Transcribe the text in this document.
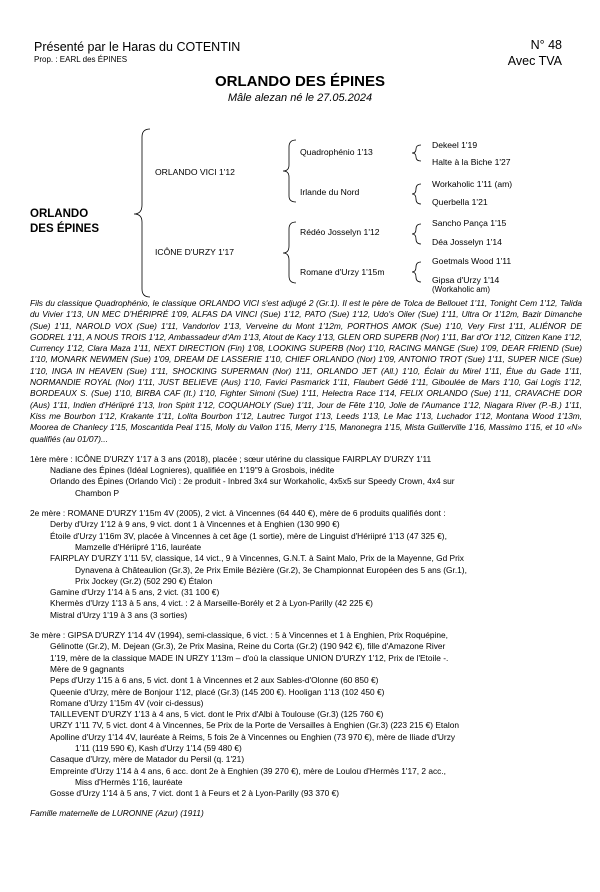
Présenté par le Haras du COTENTIN
Prop. : EARL des ÉPINES
N° 48
Avec TVA
ORLANDO DES ÉPINES
Mâle alezan né le 27.05.2024
ORLANDO
DES ÉPINES
ORLANDO VICI 1'12
ICÔNE D'URZY 1'17
Quadrophénio 1'13
Irlande du Nord
Rédéo Josselyn 1'12
Romane d'Urzy 1'15m
Dekeel 1'19
Halte à la Biche 1'27
Workaholic 1'11 (am)
Querbella 1'21
Sancho Pança 1'15
Déa Josselyn 1'14
Goetmals Wood 1'11
Gipsa d'Urzy 1'14
(Workaholic am)

Fils du classique Quadrophénio, le classique ORLANDO VICI s'est adjugé 2 (Gr.1). Il est le père de Tolca de Bellouet 1'11, Tonight Cem 1'12, Talida du Vivier 1'13, UN MEC D'HÉRIPRÉ 1'09, ALFAS DA VINCI (Sue) 1'12, PATO (Sue) 1'12, Udo's Oiler (Sue) 1'11, Ultra Or 1'12m, Bazir Dimanche (Sue) 1'11, NAROLD VOX (Sue) 1'11, Vandorlov 1'13, Verveine du Mont 1'12m, PORTHOS AMOK (Sue) 1'10, Very First 1'11, ALIÉNOR DE GODREL 1'11, A NOUS TROIS 1'12, Ambassadeur d'Am 1'13, Atout de Kacy 1'13, GLEN ORD SUPERB (Nor) 1'11, Bar d'Or 1'12, Citizen Kane 1'12, Currency 1'12, Clara Maza 1'11, NEXT DIRECTION (Fin) 1'08, LOOKING SUPERB (Nor) 1'10, RACING MANGE (Sue) 1'09, DEAR FRIEND (Sue) 1'10, MONARK NEWMEN (Sue) 1'09, DREAM DE LASSERIE 1'10, CHIEF ORLANDO (Nor) 1'09, ANTONIO TROT (Sue) 1'11, SUPER NICE (Sue) 1'10, INGA IN HEAVEN (Sue) 1'11, SHOCKING SUPERMAN (Nor) 1'11, ORLANDO JET (All.) 1'10, Éclair du Mirel 1'11, Élue du Gade 1'11, NORMANDIE ROYAL (Nor) 1'11, JUST BELIEVE (Aus) 1'10, Favici Pasmarick 1'11, Flaubert Gédé 1'11, Giboulée de Mars 1'10, Gai Logis 1'12, BORDEAUX S. (Sue) 1'10, BIRBA CAF (It.) 1'10, Fighter Simoni (Sue) 1'11, Helectra Race 1'14, FELIX ORLANDO (Sue) 1'11, CRAVACHE DOR (Aus) 1'11, Indien d'Hériipré 1'13, Iron Spirit 1'12, COQUAHOLY (Sue) 1'11, Jour de Fête 1'10, Jolie de l'Aumance 1'12, Niagara River (P.-B.) 1'11, Kiss me Bourbon 1'12, Krakante 1'11, Lolita Bourbon 1'12, Lautrec Turgot 1'13, Leeds 1'13, Le Mac 1'13, Luchador 1'12, Montana Wood 1'13m, Moorea de Chanlecy 1'15, Moscantida Peal 1'15, Molly du Vallon 1'15, Merry 1'15, Manonegra 1'15, Mista Guillerville 1'16, Massimo 1'15, et 10 «N» qualifiés (au 01/07)...

1ère mère : ICÔNE D'URZY 1'17 à 3 ans (2018), placée ; sœur utérine du classique FAIRPLAY D'URZY 1'11

Nadiane des Épines (Idéal Lognieres), qualifiée en 1'19"9 à Grosbois, inédite

Orlando des Épines (Orlando Vici) : 2e produit - Inbred 3x4 sur Workaholic, 4x5x5 sur Speedy Crown, 4x4 sur

Chambon P

2e mère : ROMANE D'URZY 1'15m 4V (2005), 2 vict. à Vincennes (64 440 €), mère de 6 produits qualifiés dont :

Derby d'Urzy 1'12 à 9 ans, 9 vict. dont 1 à Vincennes et à Enghien (130 990 €)

Étoile d'Urzy 1'16m 3V, placée à Vincennes à cet âge (1 sortie), mère de Linguist d'Hériipré 1'13 (47 325 €),

Mamzelle d'Hériipré 1'16, lauréate

FAIRPLAY D'URZY 1'11 5V, classique, 14 vict., 9 à Vincennes, G.N.T. à Saint Malo, Prix de la Mayenne, Gd Prix

Dynavena à Châteaulion (Gr.3), 2e Prix Emile Bézière (Gr.2), 3e Championnat Européen des 5 ans (Gr.1),

Prix Jockey (Gr.2) (502 290 €) Étalon

Gamine d'Urzy 1'14 à 5 ans, 2 vict. (31 100 €)

Khermès d'Urzy 1'13 à 5 ans, 4 vict. : 2 à Marseille-Borély et 2 à Lyon-Parilly (42 225 €)

Mistral d'Urzy 1'19 à 3 ans (3 sorties)

3e mère : GIPSA D'URZY 1'14 4V (1994), semi-classique, 6 vict. : 5 à Vincennes et 1 à Enghien, Prix Roquépine,

Gélinotte (Gr.2), M. Dejean (Gr.3), 2e Prix Masina, Reine du Corta (Gr.2) (190 942 €), fille d'Amazone River

1'19, mère de la classique MADE IN URZY 1'13m – d'où la classique UNION D'URZY 1'12, Prix de l'Etoile -.

Mère de 9 gagnants

Peps d'Urzy 1'15 à 6 ans, 5 vict. dont 1 à Vincennes et 2 aux Sables-d'Olonne (60 850 €)

Queenie d'Urzy, mère de Bonjour 1'12, placé (Gr.3) (145 200 €). Hooligan 1'13 (102 450 €)

Romane d'Urzy 1'15m 4V (voir ci-dessus)

TAILLEVENT D'URZY 1'13 à 4 ans, 5 vict. dont le Prix d'Albi à Toulouse (Gr.3) (125 760 €)

URZY 1'11 7V, 5 vict. dont 4 à Vincennes, 5e Prix de la Porte de Versailles à Enghien (Gr.3) (223 215 €) Etalon

Apolline d'Urzy 1'14 4V, lauréate à Reims, 5 fois 2e à Vincennes ou Enghien (73 970 €), mère de Iliade d'Urzy

1'11 (119 590 €), Kash d'Urzy 1'14 (59 480 €)

Casaque d'Urzy, mère de Matador du Persil (q. 1'21)

Empreinte d'Urzy 1'14 à 4 ans, 6 acc. dont 2e à Enghien (39 270 €), mère de Loulou d'Hermès 1'17, 2 acc.,

Miss d'Hermès 1'16, lauréate

Gosse d'Urzy 1'14 à 5 ans, 7 vict. dont 1 à Feurs et 2 à Lyon-Parilly (93 370 €)

Famille maternelle de LURONNE (Azur) (1911)
